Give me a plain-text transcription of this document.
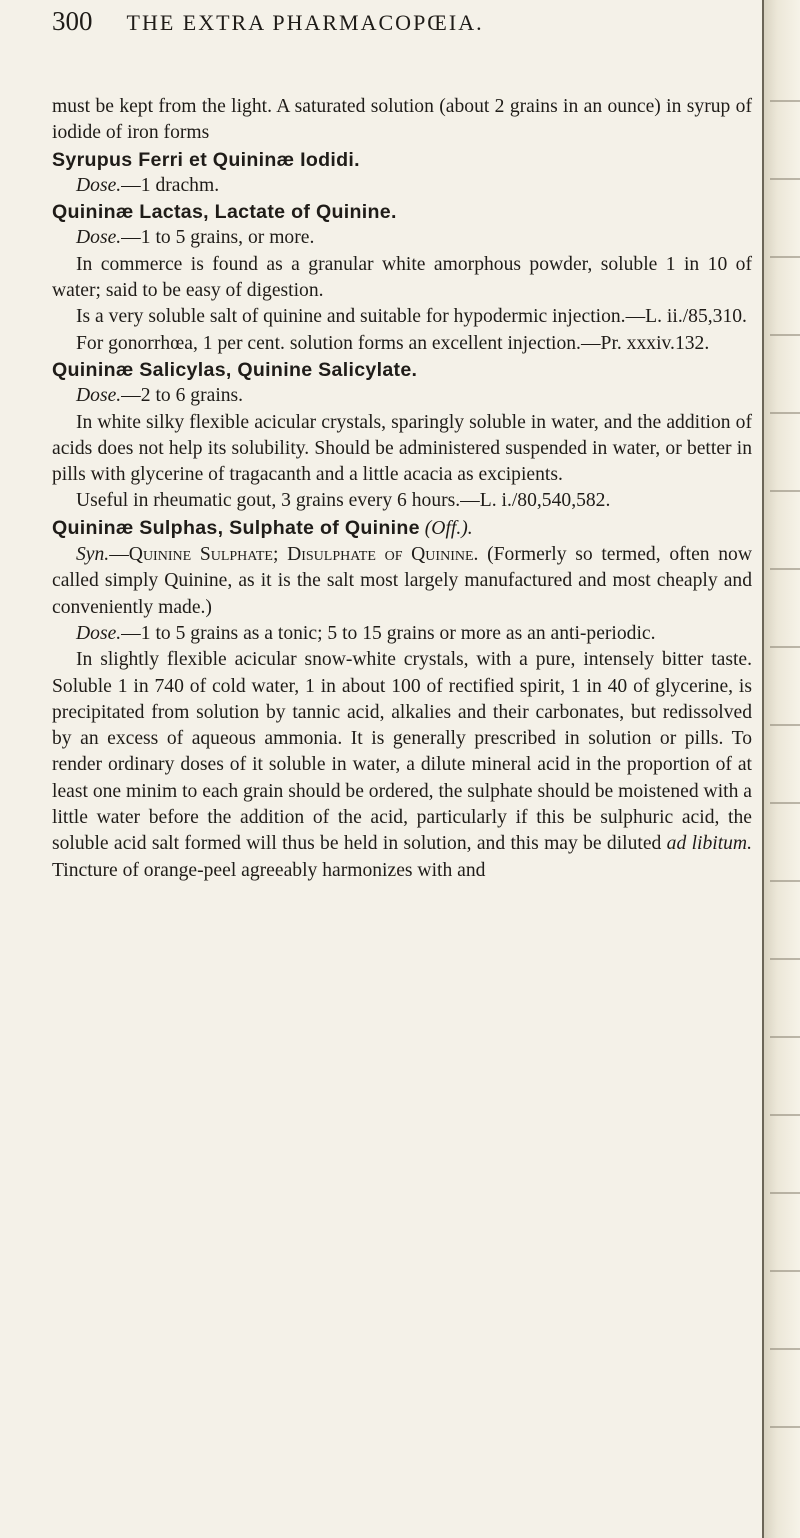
300 THE EXTRA PHARMACOPŒIA.

must be kept from the light. A saturated solution (about 2 grains in an ounce) in syrup of iodide of iron forms

Syrupus Ferri et Quininæ Iodidi.

Dose.—1 drachm.

Quininæ Lactas, Lactate of Quinine.

Dose.—1 to 5 grains, or more.

In commerce is found as a granular white amorphous powder, soluble 1 in 10 of water; said to be easy of digestion.

Is a very soluble salt of quinine and suitable for hypodermic injection.—L. ii./85,310.

For gonorrhœa, 1 per cent. solution forms an excellent injection.—Pr. xxxiv.132.

Quininæ Salicylas, Quinine Salicylate.

Dose.—2 to 6 grains.

In white silky flexible acicular crystals, sparingly soluble in water, and the addition of acids does not help its solubility. Should be administered suspended in water, or better in pills with glycerine of tragacanth and a little acacia as excipients.

Useful in rheumatic gout, 3 grains every 6 hours.—L. i./80,540,582.

Quininæ Sulphas, Sulphate of Quinine (Off.).

Syn.—Quinine Sulphate; Disulphate of Quinine. (Formerly so termed, often now called simply Quinine, as it is the salt most largely manufactured and most cheaply and conveniently made.)

Dose.—1 to 5 grains as a tonic; 5 to 15 grains or more as an anti-periodic.

In slightly flexible acicular snow-white crystals, with a pure, intensely bitter taste. Soluble 1 in 740 of cold water, 1 in about 100 of rectified spirit, 1 in 40 of glycerine, is precipitated from solution by tannic acid, alkalies and their carbonates, but redissolved by an excess of aqueous ammonia. It is generally prescribed in solution or pills. To render ordinary doses of it soluble in water, a dilute mineral acid in the proportion of at least one minim to each grain should be ordered, the sulphate should be moistened with a little water before the addition of the acid, particularly if this be sulphuric acid, the soluble acid salt formed will thus be held in solution, and this may be diluted ad libitum. Tincture of orange-peel agreeably harmonizes with and
